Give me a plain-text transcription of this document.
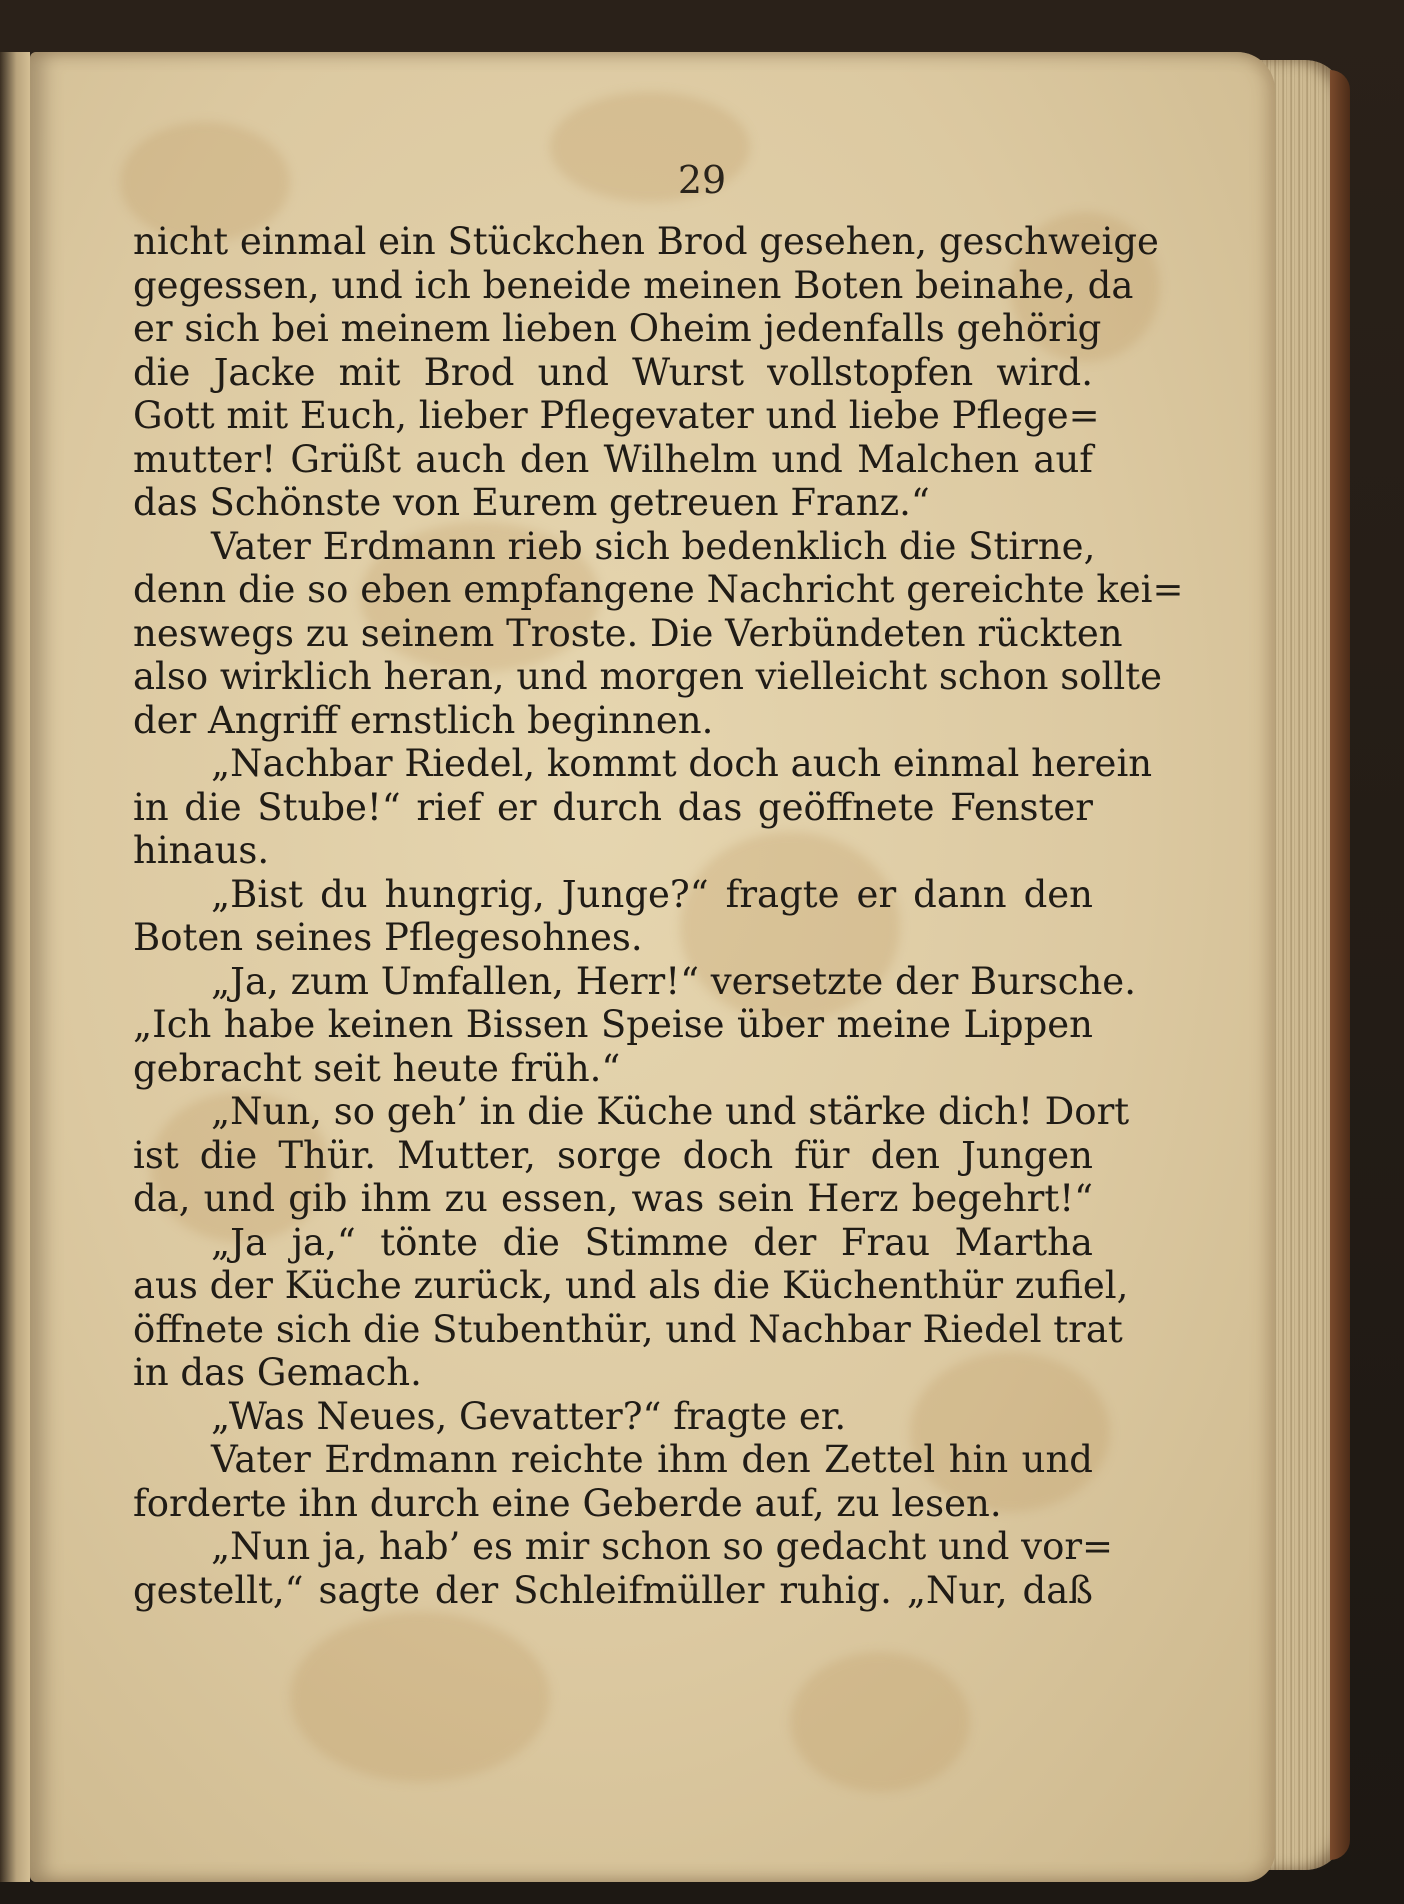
29

nicht einmal ein Stückchen Brod gesehen, geschweige
gegessen, und ich beneide meinen Boten beinahe, da
er sich bei meinem lieben Oheim jedenfalls gehörig
die Jacke mit Brod und Wurst vollstopfen wird.
Gott mit Euch, lieber Pflegevater und liebe Pflege=
mutter! Grüßt auch den Wilhelm und Malchen auf
das Schönste von Eurem getreuen Franz.“
Vater Erdmann rieb sich bedenklich die Stirne,
denn die so eben empfangene Nachricht gereichte kei=
neswegs zu seinem Troste. Die Verbündeten rückten
also wirklich heran, und morgen vielleicht schon sollte
der Angriff ernstlich beginnen.
„Nachbar Riedel, kommt doch auch einmal herein
in die Stube!“ rief er durch das geöffnete Fenster
hinaus.
„Bist du hungrig, Junge?“ fragte er dann den
Boten seines Pflegesohnes.
„Ja, zum Umfallen, Herr!“ versetzte der Bursche.
„Ich habe keinen Bissen Speise über meine Lippen
gebracht seit heute früh.“
„Nun, so geh’ in die Küche und stärke dich! Dort
ist die Thür. Mutter, sorge doch für den Jungen
da, und gib ihm zu essen, was sein Herz begehrt!“
„Ja ja,“ tönte die Stimme der Frau Martha
aus der Küche zurück, und als die Küchenthür zufiel,
öffnete sich die Stubenthür, und Nachbar Riedel trat
in das Gemach.
„Was Neues, Gevatter?“ fragte er.
Vater Erdmann reichte ihm den Zettel hin und
forderte ihn durch eine Geberde auf, zu lesen.
„Nun ja, hab’ es mir schon so gedacht und vor=
gestellt,“ sagte der Schleifmüller ruhig. „Nur, daß
